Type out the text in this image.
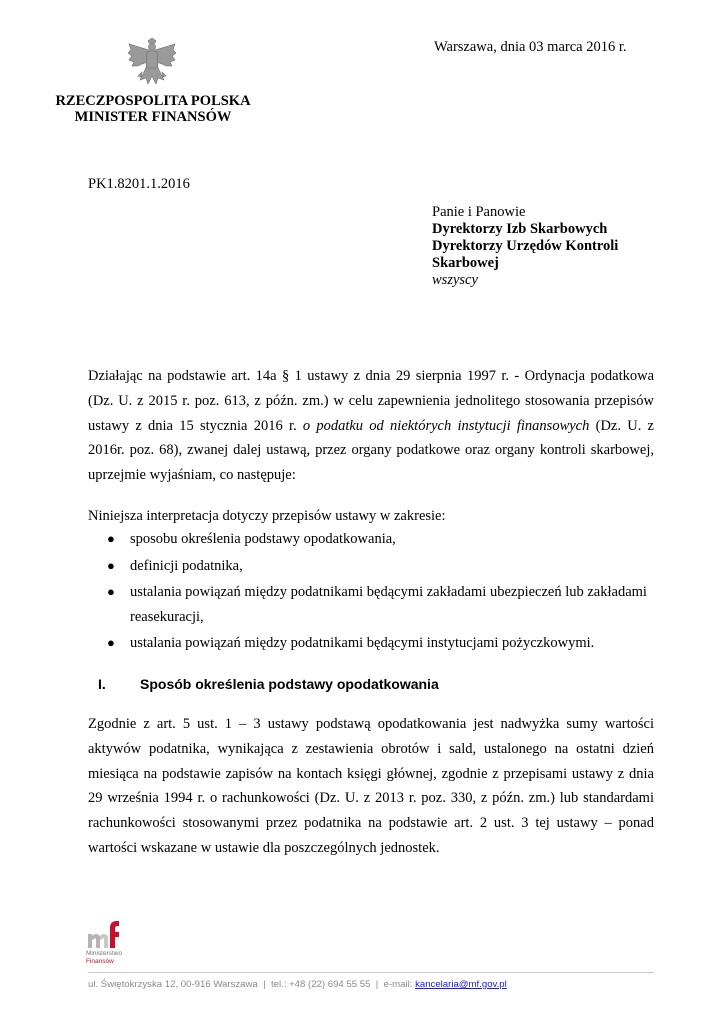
RZECZPOSPOLITA POLSKA
MINISTER FINANSÓW
Warszawa, dnia 03 marca 2016 r.
PK1.8201.1.2016
Panie i Panowie
Dyrektorzy Izb Skarbowych
Dyrektorzy Urzędów Kontroli
Skarbowej
wszyscy
Działając na podstawie art. 14a § 1 ustawy z dnia 29 sierpnia 1997 r. - Ordynacja podatkowa (Dz. U. z 2015 r. poz. 613, z późn. zm.) w celu zapewnienia jednolitego stosowania przepisów ustawy z dnia 15 stycznia 2016 r. o podatku od niektórych instytucji finansowych (Dz. U. z 2016r. poz. 68), zwanej dalej ustawą, przez organy podatkowe oraz organy kontroli skarbowej, uprzejmie wyjaśniam, co następuje:
Niniejsza interpretacja dotyczy przepisów ustawy w zakresie:
● sposobu określenia podstawy opodatkowania,
● definicji podatnika,
● ustalania powiązań między podatnikami będącymi zakładami ubezpieczeń lub zakładami reasekuracji,
● ustalania powiązań między podatnikami będącymi instytucjami pożyczkowymi.
I. Sposób określenia podstawy opodatkowania
Zgodnie z art. 5 ust. 1 – 3 ustawy podstawą opodatkowania jest nadwyżka sumy wartości aktywów podatnika, wynikająca z zestawienia obrotów i sald, ustalonego na ostatni dzień miesiąca na podstawie zapisów na kontach księgi głównej, zgodnie z przepisami ustawy z dnia 29 września 1994 r. o rachunkowości (Dz. U. z 2013 r. poz. 330, z późn. zm.) lub standardami rachunkowości stosowanymi przez podatnika na podstawie art. 2 ust. 3 tej ustawy – ponad wartości wskazane w ustawie dla poszczególnych jednostek.
Ministerstwo
Finansów
ul. Świętokrzyska 12, 00-916 Warszawa | tel.: +48 (22) 694 55 55 | e-mail: kancelaria@mf.gov.pl
